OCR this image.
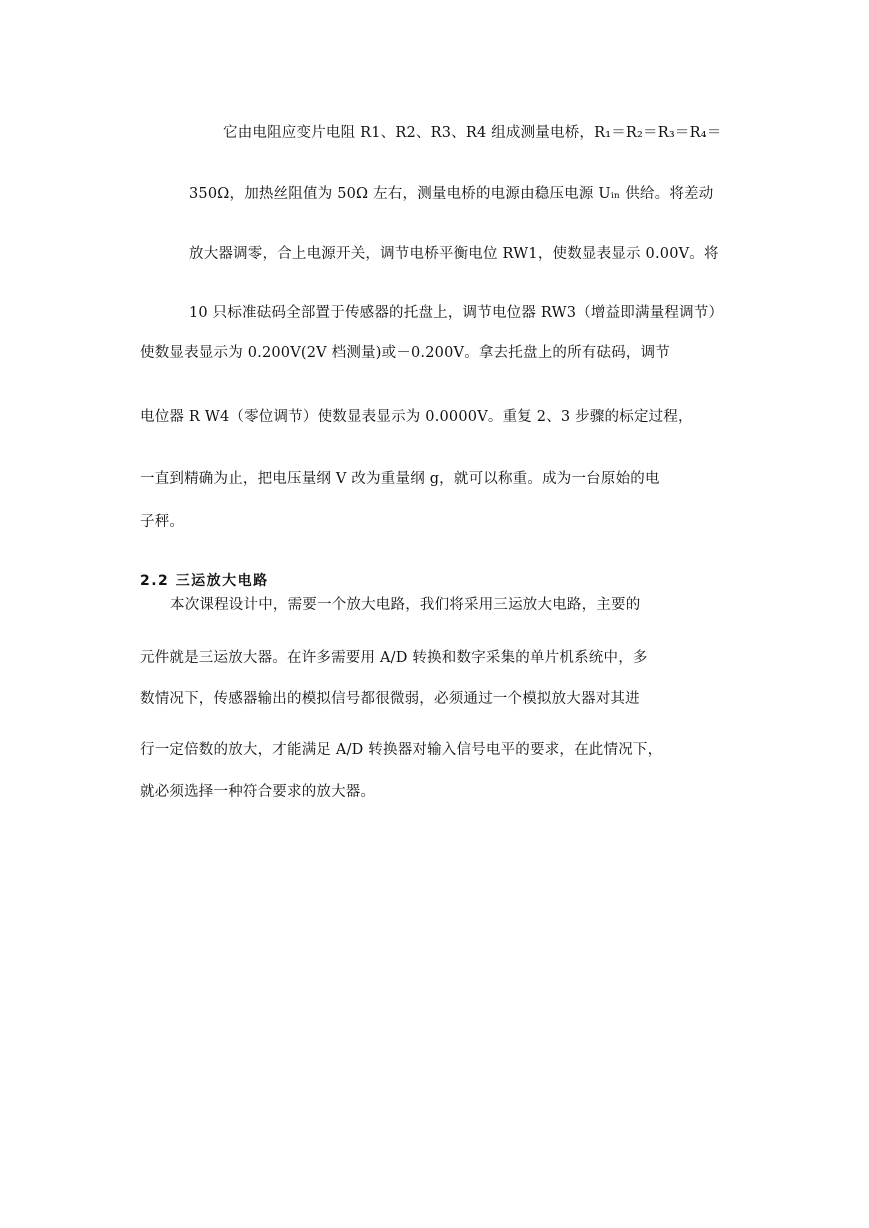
它由电阻应变片电阻 R1、R2、R3、R4 组成测量电桥，R₁＝R₂＝R₃＝R₄＝
350Ω，加热丝阻值为 50Ω 左右，测量电桥的电源由稳压电源 Uᵢₙ 供给。将差动
放大器调零，合上电源开关，调节电桥平衡电位 RW1，使数显表显示 0.00V。将
10 只标准砝码全部置于传感器的托盘上，调节电位器 RW3（增益即满量程调节）
使数显表显示为 0.200V(2V 档测量)或－0.200V。拿去托盘上的所有砝码，调节
电位器 R W4（零位调节）使数显表显示为 0.0000V。重复 2、3 步骤的标定过程，
一直到精确为止，把电压量纲 V 改为重量纲 g，就可以称重。成为一台原始的电
子秤。
2.2 三运放大电路
本次课程设计中，需要一个放大电路，我们将采用三运放大电路，主要的
元件就是三运放大器。在许多需要用 A/D 转换和数字采集的单片机系统中，多
数情况下，传感器输出的模拟信号都很微弱，必须通过一个模拟放大器对其进
行一定倍数的放大，才能满足 A/D 转换器对输入信号电平的要求，在此情况下，
就必须选择一种符合要求的放大器。
